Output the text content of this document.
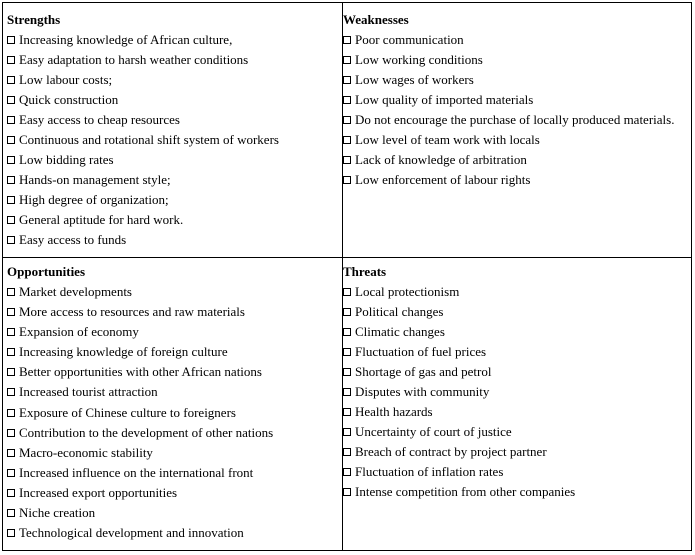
Strengths
Increasing knowledge of African culture,
Easy adaptation to harsh weather conditions
Low labour costs;
Quick construction
Easy access to cheap resources
Continuous and rotational shift system of workers
Low bidding rates
Hands-on management style;
High degree of organization;
General aptitude for hard work.
Easy access to funds
Weaknesses
Poor communication
Low working conditions
Low wages of workers
Low quality of imported materials
Do not encourage the purchase of locally produced materials.
Low level of team work with locals
Lack of knowledge of arbitration
Low enforcement of labour rights
Opportunities
Market developments
More access to resources and raw materials
Expansion of economy
Increasing knowledge of foreign culture
Better opportunities with other African nations
Increased tourist attraction
Exposure of Chinese culture to foreigners
Contribution to the development of other nations
Macro-economic stability
Increased influence on the international front
Increased export opportunities
Niche creation
Technological development and innovation
Threats
Local protectionism
Political changes
Climatic changes
Fluctuation of fuel prices
Shortage of gas and petrol
Disputes with community
Health hazards
Uncertainty of court of justice
Breach of contract by project partner
Fluctuation of inflation rates
Intense competition from other companies
